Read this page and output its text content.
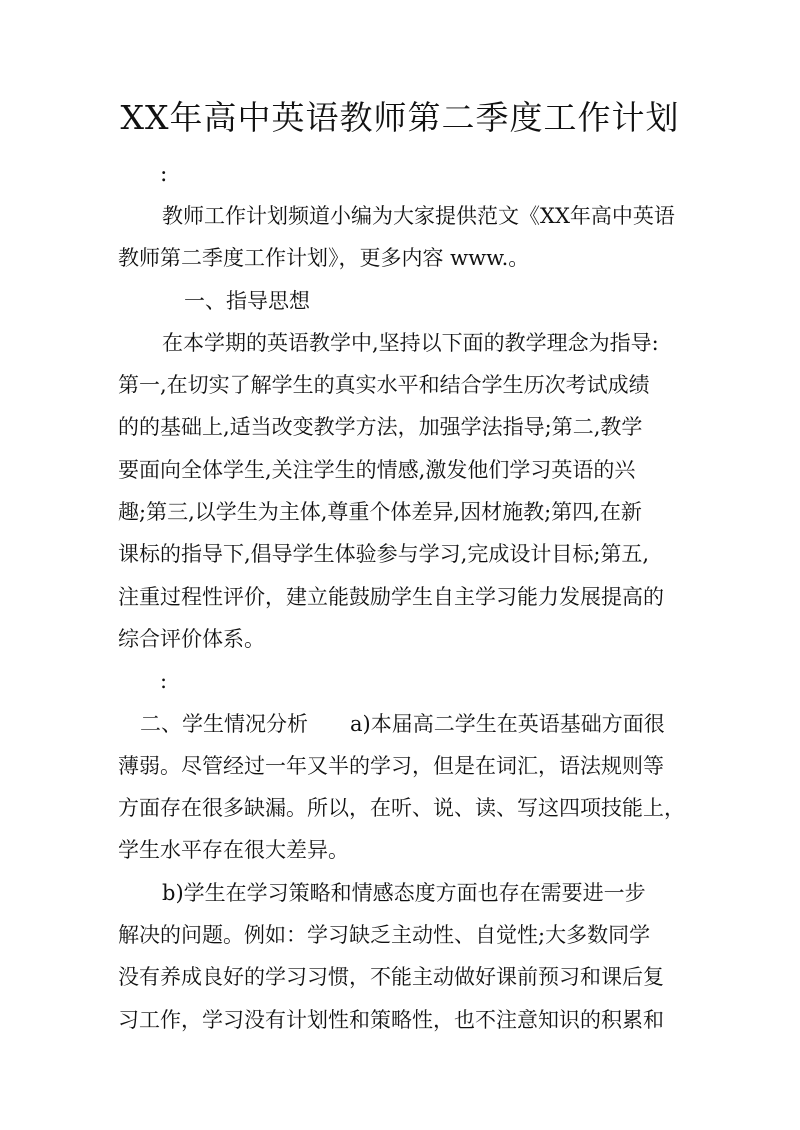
XX年高中英语教师第二季度工作计划
:
教师工作计划频道小编为大家提供范文《XX年高中英语
教师第二季度工作计划》，更多内容 www.。
一、指导思想
在本学期的英语教学中,坚持以下面的教学理念为指导:
第一,在切实了解学生的真实水平和结合学生历次考试成绩
的的基础上,适当改变教学方法，加强学法指导;第二,教学
要面向全体学生,关注学生的情感,激发他们学习英语的兴
趣;第三,以学生为主体,尊重个体差异,因材施教;第四,在新
课标的指导下,倡导学生体验参与学习,完成设计目标;第五,
注重过程性评价，建立能鼓励学生自主学习能力发展提高的
综合评价体系。
:
二、学生情况分析　　a)本届高二学生在英语基础方面很
薄弱。尽管经过一年又半的学习，但是在词汇，语法规则等
方面存在很多缺漏。所以，在听、说、读、写这四项技能上，
学生水平存在很大差异。
b)学生在学习策略和情感态度方面也存在需要进一步
解决的问题。例如：学习缺乏主动性、自觉性;大多数同学
没有养成良好的学习习惯，不能主动做好课前预习和课后复
习工作，学习没有计划性和策略性，也不注意知识的积累和
